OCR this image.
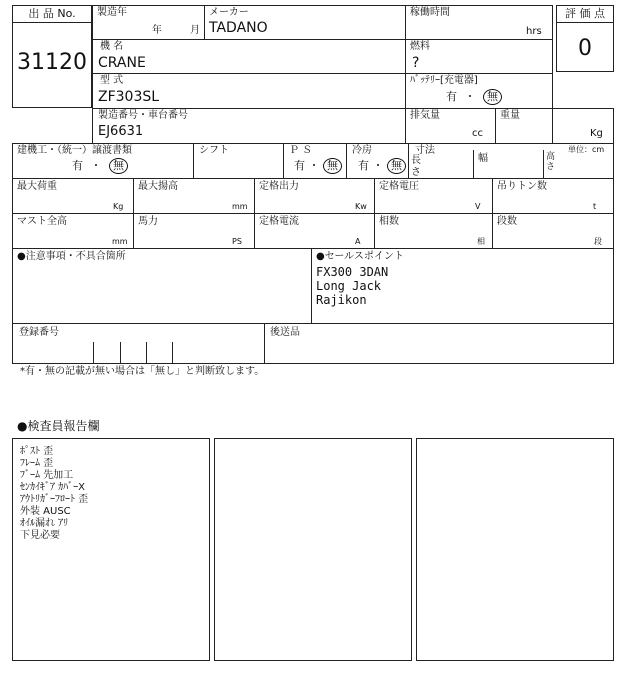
出 品 No.
31120
評 価 点
0
製造年
年	月
メーカー
TADANO
稼働時間
hrs
機 名
CRANE
燃料
?
型 式
ZF303SL
ﾊﾞｯﾃﾘｰ[充電器]
有 ・ 無
製造番号・車台番号
EJ6631
排気量
cc
重量
Kg
建機工・（統一）譲渡書類
有 ・ 無
シフト	Ｐ Ｓ
有 ・ 無
冷房
有 ・ 無
寸法	単位：cm
長さ
幅	高さ
最大荷重
Kg
最大揚高
mm
定格出力
Kw
定格電圧
V
吊りトン数
t
マスト全高
mm
馬力
PS
定格電流
A
相数
相
段数
段
●注意事項・不具合箇所	●セールスポイント
FX300 3DAN
Long Jack
Rajikon
登録番号	後送品
*有・無の記載が無い場合は「無し」と判断致します。
●検査員報告欄
ﾎﾟｽﾄ 歪
ﾌﾚｰﾑ 歪
ﾌﾞｰﾑ 先加工
ｾﾝｶｲｷﾞｱ ｶﾊﾞｰX
ｱｳﾄﾘｶﾞｰﾌﾛｰﾄ 歪
外装 AUSC
ｵｲﾙ漏れ ｱﾘ
下見必要
